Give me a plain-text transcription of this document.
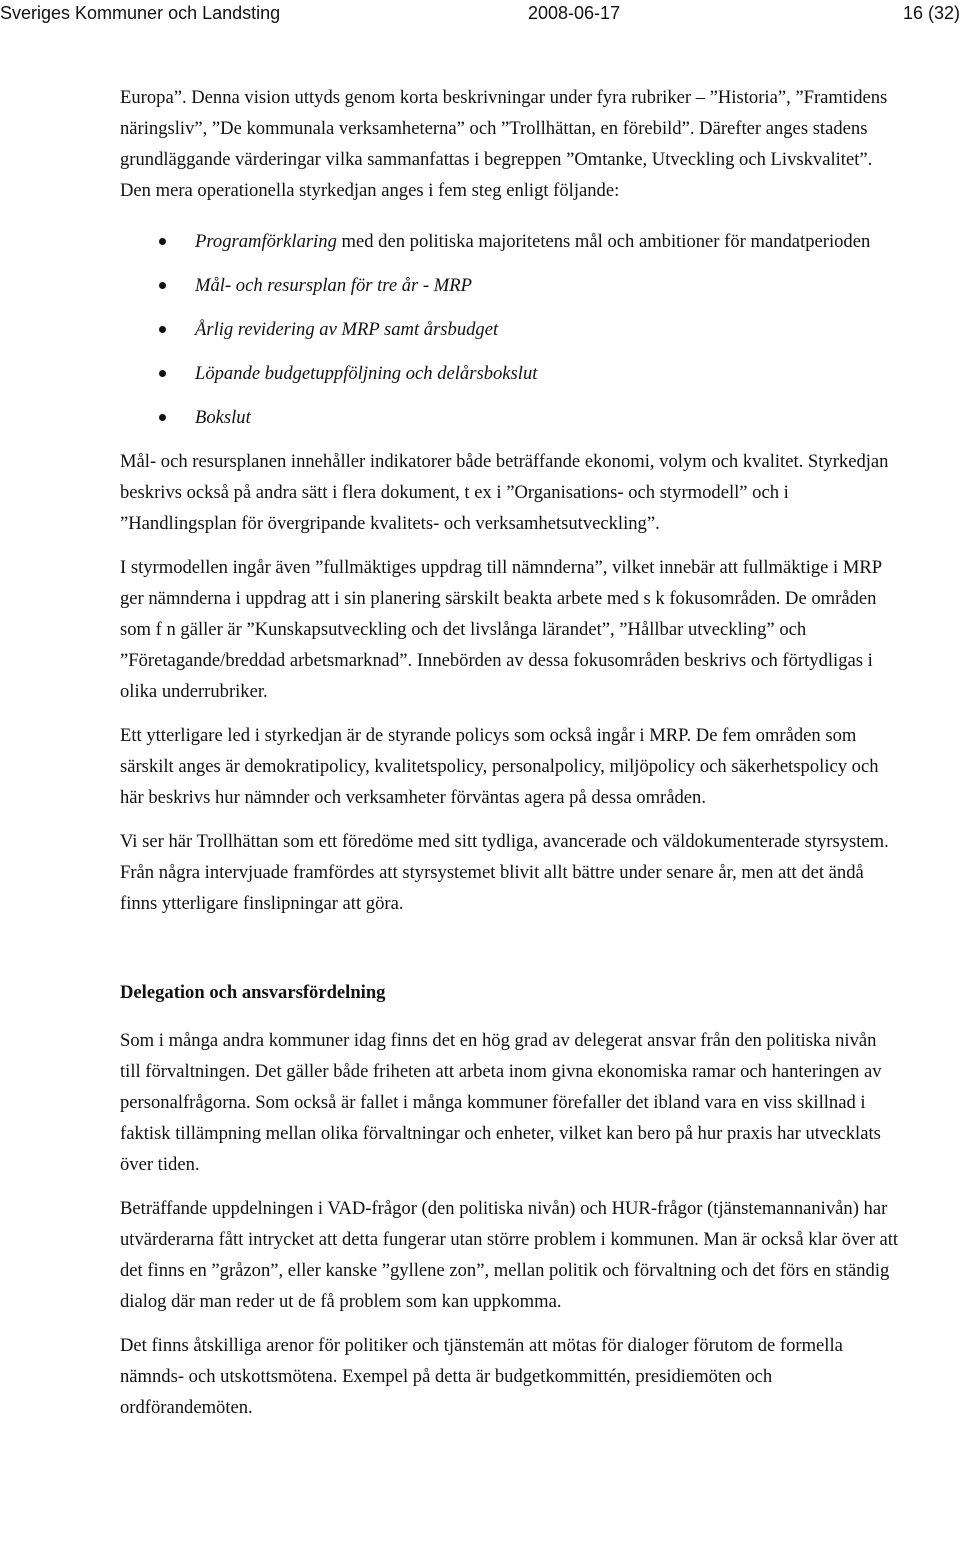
Sveriges Kommuner och Landsting	2008-06-17	16 (32)

Europa”. Denna vision uttyds genom korta beskrivningar under fyra rubriker – ”Historia”, ”Framtidens näringsliv”, ”De kommunala verksamheterna” och ”Trollhättan, en förebild”. Därefter anges stadens grundläggande värderingar vilka sammanfattas i begreppen ”Omtanke, Utveckling och Livskvalitet”. Den mera operationella styrkedjan anges i fem steg enligt följande:

Programförklaring med den politiska majoritetens mål och ambitioner för mandatperioden
Mål- och resursplan för tre år - MRP
Årlig revidering av MRP samt årsbudget
Löpande budgetuppföljning och delårsbokslut
Bokslut

Mål- och resursplanen innehåller indikatorer både beträffande ekonomi, volym och kvalitet. Styrkedjan beskrivs också på andra sätt i flera dokument, t ex i ”Organisations- och styrmodell” och i ”Handlingsplan för övergripande kvalitets- och verksamhetsutveckling”.

I styrmodellen ingår även ”fullmäktiges uppdrag till nämnderna”, vilket innebär att fullmäktige i MRP ger nämnderna i uppdrag att i sin planering särskilt beakta arbete med s k fokusområden. De områden som f n gäller är ”Kunskapsutveckling och det livslånga lärandet”, ”Hållbar utveckling” och ”Företagande/breddad arbetsmarknad”. Innebörden av dessa fokusområden beskrivs och förtydligas i olika underrubriker.

Ett ytterligare led i styrkedjan är de styrande policys som också ingår i MRP. De fem områden som särskilt anges är demokratipolicy, kvalitetspolicy, personalpolicy, miljöpolicy och säkerhetspolicy och här beskrivs hur nämnder och verksamheter förväntas agera på dessa områden.

Vi ser här Trollhättan som ett föredöme med sitt tydliga, avancerade och väldokumenterade styrsystem. Från några intervjuade framfördes att styrsystemet blivit allt bättre under senare år, men att det ändå finns ytterligare finslipningar att göra.

Delegation och ansvarsfördelning

Som i många andra kommuner idag finns det en hög grad av delegerat ansvar från den politiska nivån till förvaltningen. Det gäller både friheten att arbeta inom givna ekonomiska ramar och hanteringen av personalfrågorna. Som också är fallet i många kommuner förefaller det ibland vara en viss skillnad i faktisk tillämpning mellan olika förvaltningar och enheter, vilket kan bero på hur praxis har utvecklats över tiden.

Beträffande uppdelningen i VAD-frågor (den politiska nivån) och HUR-frågor (tjänstemannanivån) har utvärderarna fått intrycket att detta fungerar utan större problem i kommunen. Man är också klar över att det finns en ”gråzon”, eller kanske ”gyllene zon”, mellan politik och förvaltning och det förs en ständig dialog där man reder ut de få problem som kan uppkomma.

Det finns åtskilliga arenor för politiker och tjänstemän att mötas för dialoger förutom de formella nämnds- och utskottsmötena. Exempel på detta är budgetkommittén, presidiemöten och ordförandemöten.
